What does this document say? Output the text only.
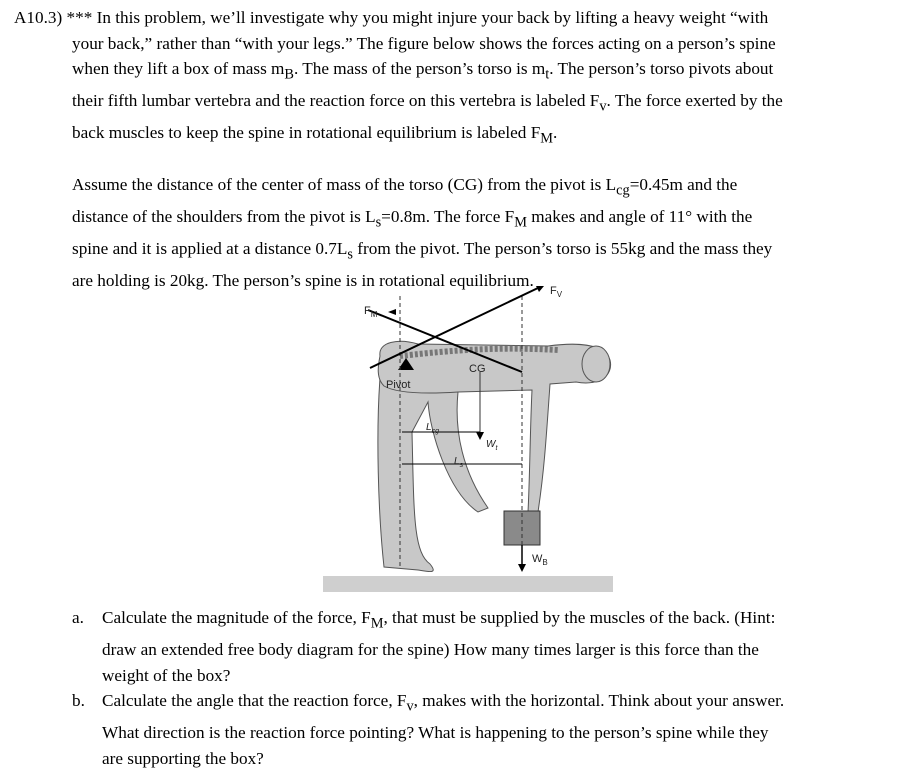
A10.3) *** In this problem, we’ll investigate why you might injure your back by lifting a heavy weight “with
your back,” rather than “with your legs.” The figure below shows the forces acting on a person’s spine
when they lift a box of mass $m_B$. The mass of the person’s torso is $m_t$. The person’s torso pivots about
their fifth lumbar vertebra and the reaction force on this vertebra is labeled $F_v$. The force exerted by the
back muscles to keep the spine in rotational equilibrium is labeled $F_M$.
Assume the distance of the center of mass of the torso (CG) from the pivot is $L_{cg}=0.45m$ and the
distance of the shoulders from the pivot is $L_s=0.8m$. The force $F_M$ makes and angle of 11° with the
spine and it is applied at a distance $0.7L_s$ from the pivot. The person’s torso is 55kg and the mass they
are holding is 20kg. The person’s spine is in rotational equilibrium.
$F_M$
$F_V$
CG
Pivot
$L_{cg}$
$L_s$
$W_t$
$W_B$
a.	Calculate the magnitude of the force, $F_M$, that must be supplied by the muscles of the back. (Hint:
draw an extended free body diagram for the spine) How many times larger is this force than the
weight of the box?
b. Calculate the angle that the reaction force, $F_v$, makes with the horizontal. Think about your answer.
What direction is the reaction force pointing? What is happening to the person’s spine while they
are supporting the box?
